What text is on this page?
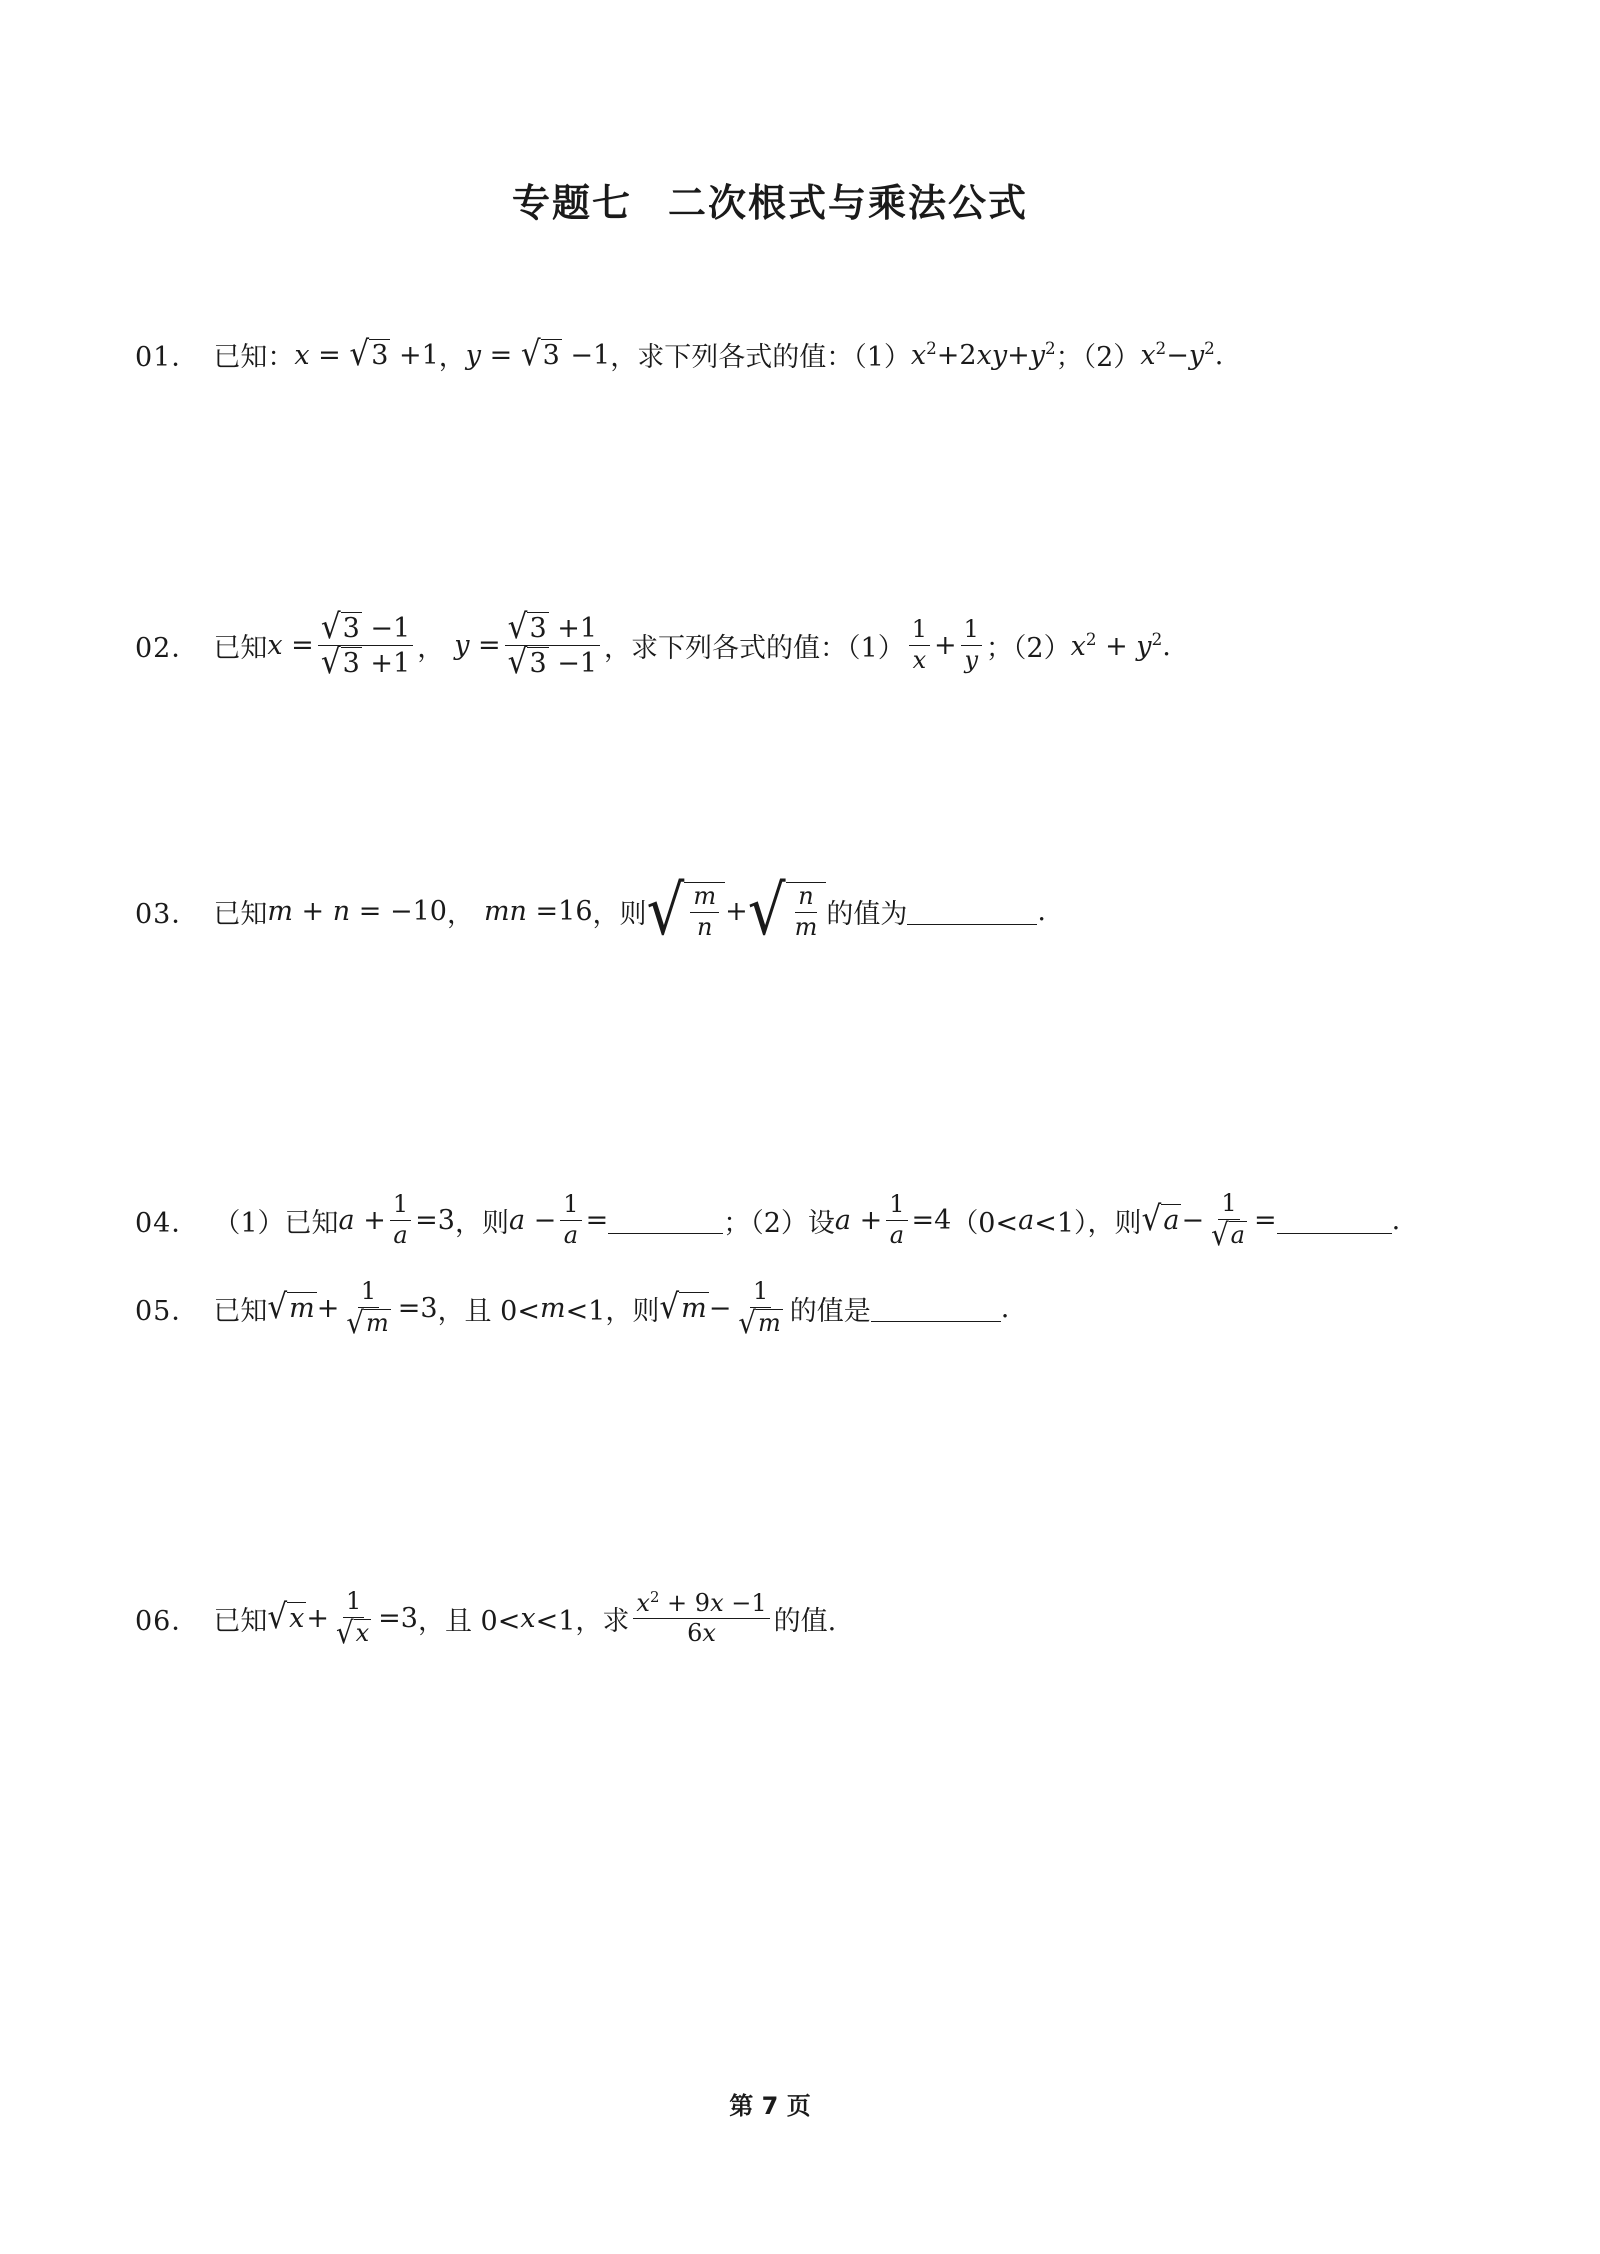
专题七 二次根式与乘法公式
01． 已知： x = √ 3 +1 ， y = √ 3 −1 ，求下列各式的值：（1） $x^2+2xy+y^2$ ；（2） $x^2-y^2$.
02． 已知 $x = \frac{√ 3 -1}{√ 3 +1}$ ， $y = \frac{√ 3 +1}{√ 3 -1}$ ，求下列各式的值：$(1) \frac{1}{x} + \frac{1}{y}$ ；（2） $x^2 + y^2$.
03． 已知 m + n = −10 ， mn =16 ，则 √ $\frac{m}{n}$ + √ $\frac{n}{m}$ 的值为	.
04． （1）已知 $a + \frac{1}{a} =3$ ，则 $a - \frac{1}{a}$ =	；（2）设 $a + \frac{1}{a} =4$ （0< a <1），则 √ $a - \frac{1}{√ a}$ =	.
05． 已知 √ $m + \frac{1}{√ m} =3$ ，且 0< m <1，则 √ $m - \frac{1}{√ m}$ 的值是	.
06． 已知 √ $x + \frac{1}{√ x} =3$ ，且 0< x <1，求 $\frac{x^2 + 9x -1}{6x}$ 的值.
第 7 页
